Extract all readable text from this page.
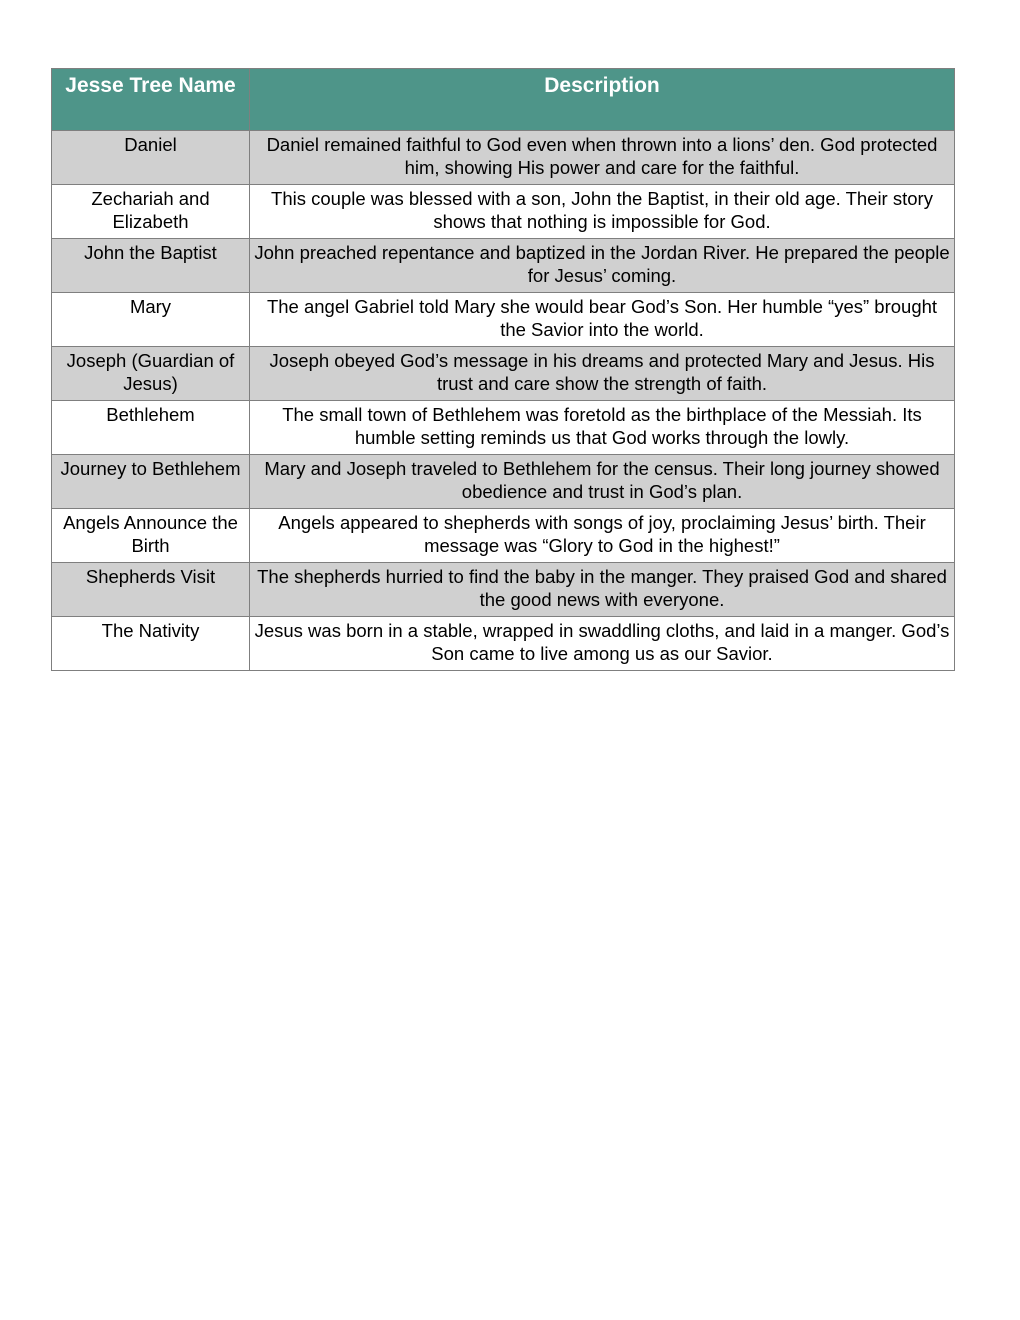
Jesse Tree Name	Description
Daniel	Daniel remained faithful to God even when thrown into a lions’ den. God protected him, showing His power and care for the faithful.
Zechariah and Elizabeth	This couple was blessed with a son, John the Baptist, in their old age. Their story shows that nothing is impossible for God.
John the Baptist	John preached repentance and baptized in the Jordan River. He prepared the people for Jesus’ coming.
Mary	The angel Gabriel told Mary she would bear God’s Son. Her humble “yes” brought the Savior into the world.
Joseph (Guardian of Jesus)	Joseph obeyed God’s message in his dreams and protected Mary and Jesus. His trust and care show the strength of faith.
Bethlehem	The small town of Bethlehem was foretold as the birthplace of the Messiah. Its humble setting reminds us that God works through the lowly.
Journey to Bethlehem	Mary and Joseph traveled to Bethlehem for the census. Their long journey showed obedience and trust in God’s plan.
Angels Announce the Birth	Angels appeared to shepherds with songs of joy, proclaiming Jesus’ birth. Their message was “Glory to God in the highest!”
Shepherds Visit	The shepherds hurried to find the baby in the manger. They praised God and shared the good news with everyone.
The Nativity	Jesus was born in a stable, wrapped in swaddling cloths, and laid in a manger. God’s Son came to live among us as our Savior.
